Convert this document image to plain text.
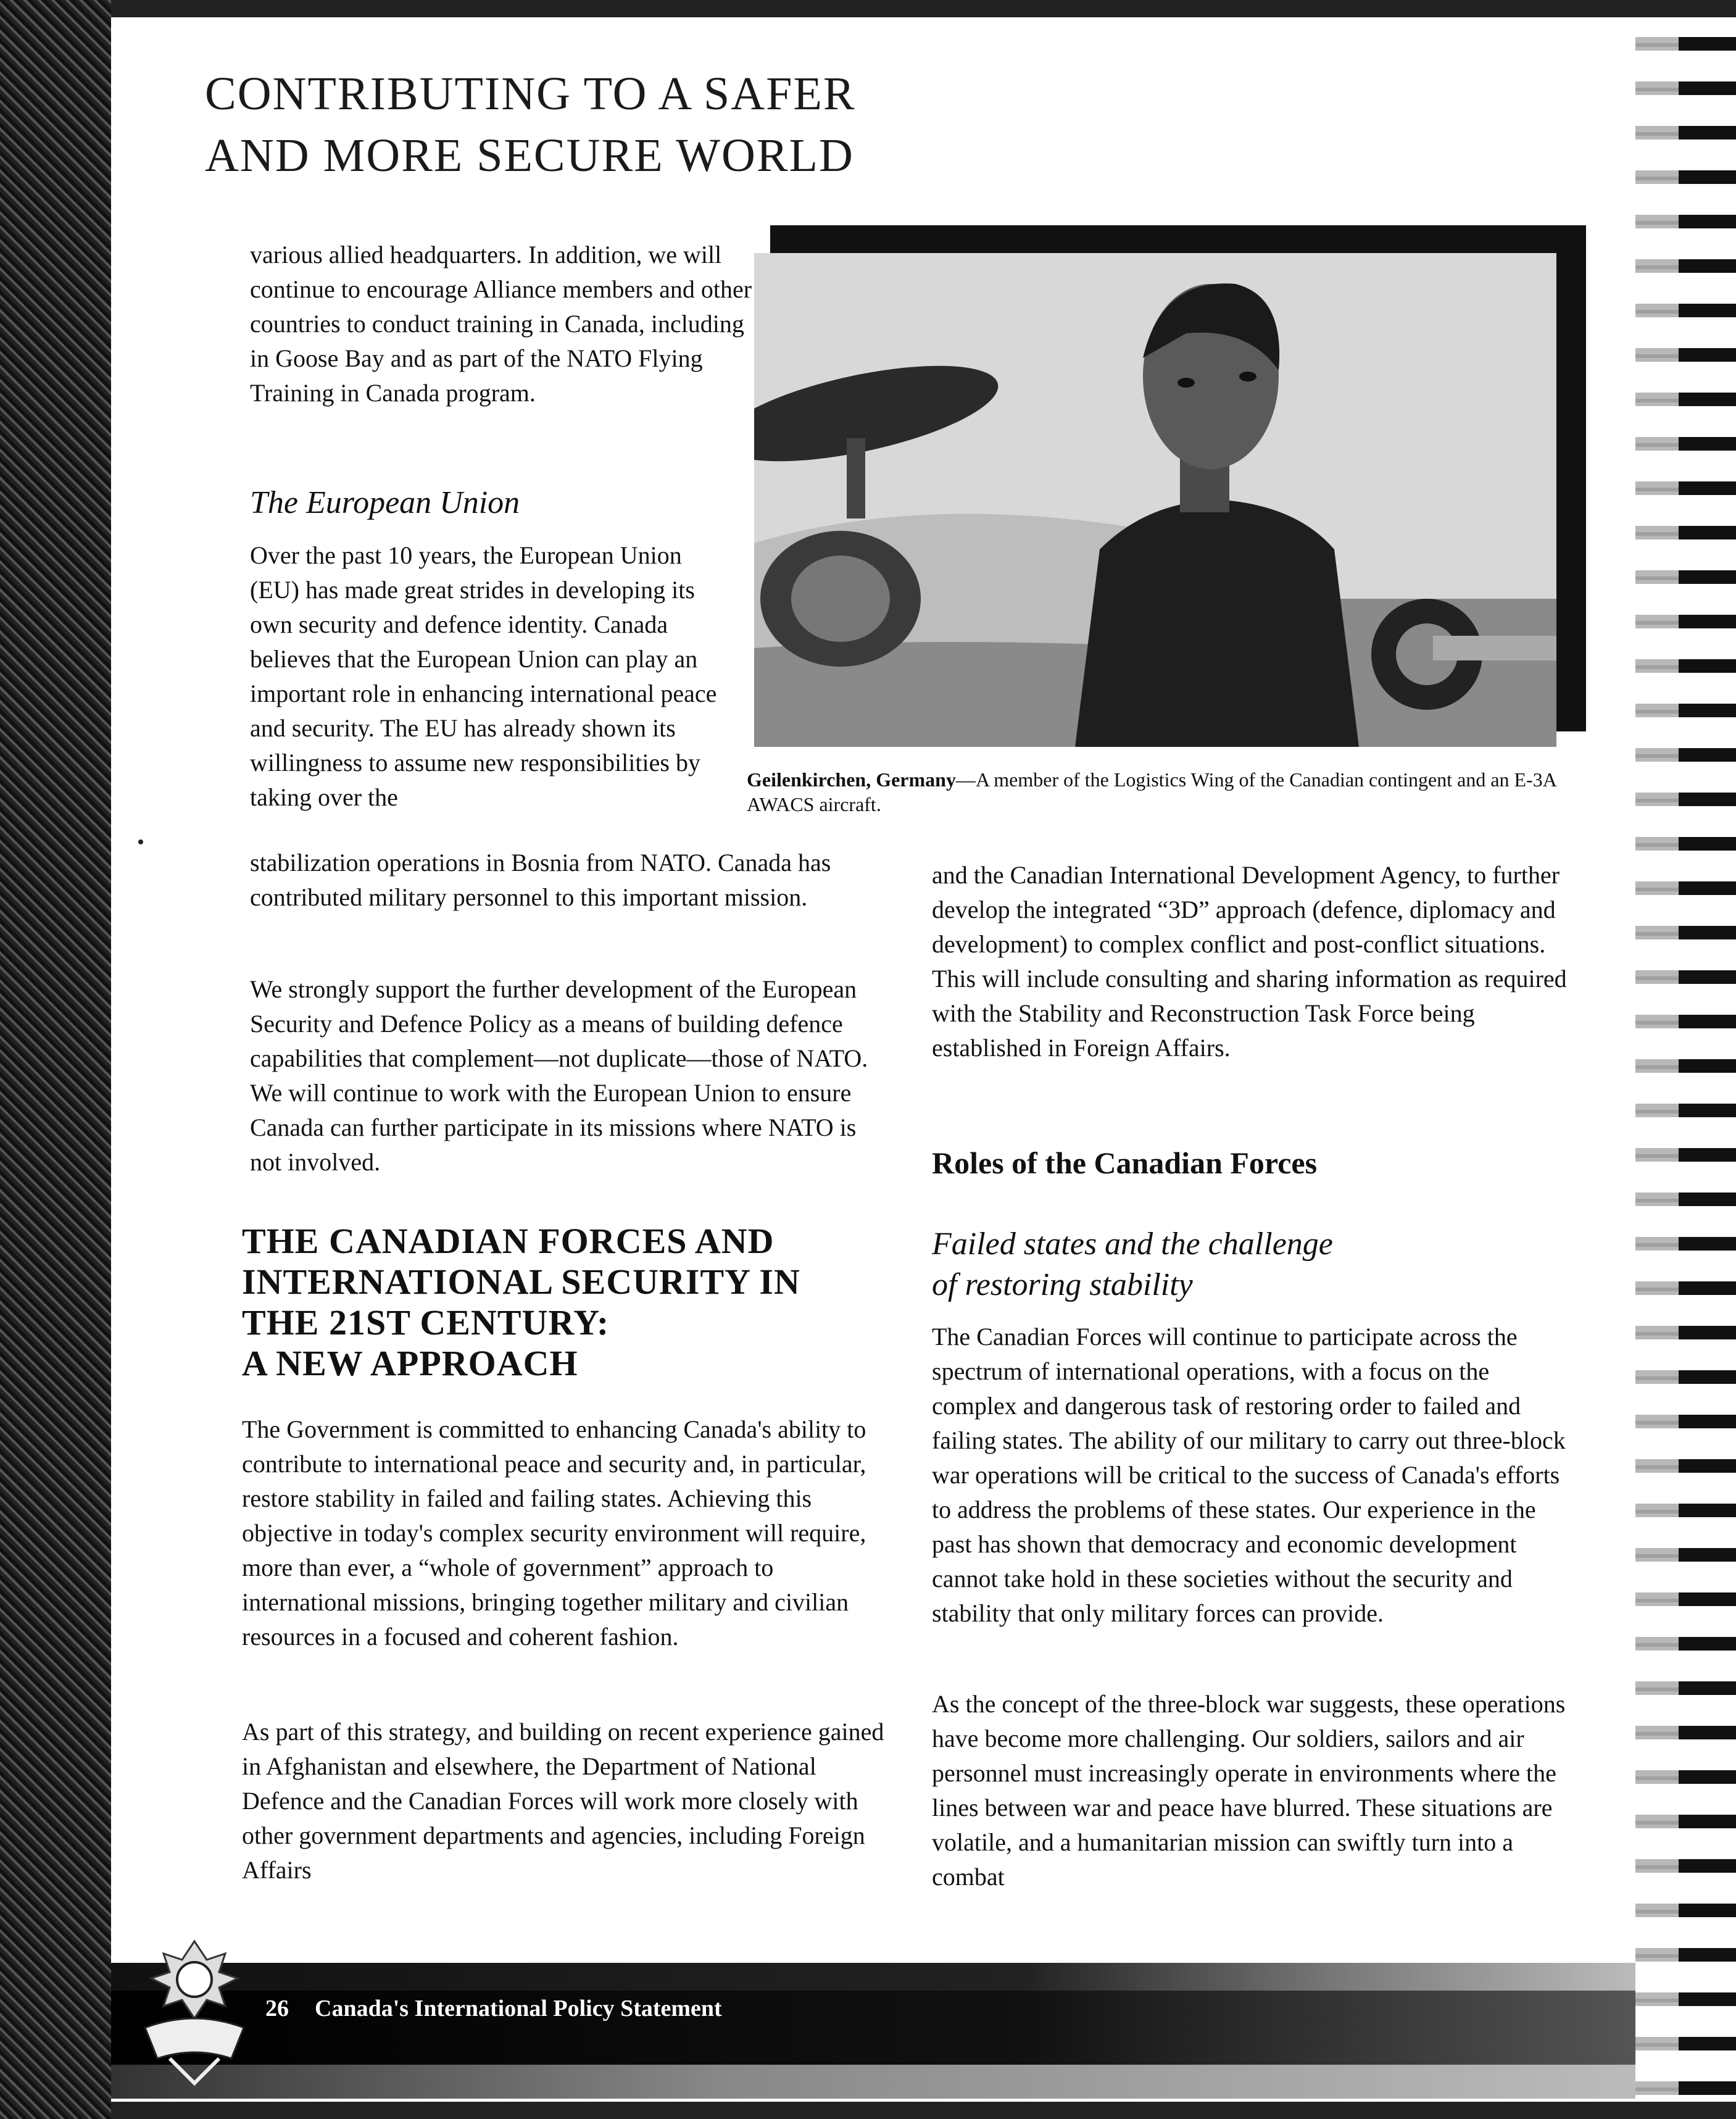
CONTRIBUTING TO A SAFER
AND MORE SECURE WORLD

various allied headquarters. In addition, we will continue to encourage Alliance members and other countries to conduct training in Canada, including in Goose Bay and as part of the NATO Flying Training in Canada program.

The European Union

Over the past 10 years, the European Union (EU) has made great strides in developing its own security and defence identity. Canada believes that the European Union can play an important role in enhancing international peace and security. The EU has already shown its willingness to assume new responsibilities by taking over the

stabilization operations in Bosnia from NATO. Canada has contributed military personnel to this important mission.

We strongly support the further development of the European Security and Defence Policy as a means of building defence capabilities that complement—not duplicate—those of NATO. We will continue to work with the European Union to ensure Canada can further participate in its missions where NATO is not involved.

THE CANADIAN FORCES AND
INTERNATIONAL SECURITY IN
THE 21ST CENTURY:
A NEW APPROACH

The Government is committed to enhancing Canada's ability to contribute to international peace and security and, in particular, restore stability in failed and failing states. Achieving this objective in today's complex security environment will require, more than ever, a “whole of government” approach to international missions, bringing together military and civilian resources in a focused and coherent fashion.

As part of this strategy, and building on recent experience gained in Afghanistan and elsewhere, the Department of National Defence and the Canadian Forces will work more closely with other government departments and agencies, including Foreign Affairs

Geilenkirchen, Germany—A member of the Logistics Wing of the Canadian contingent and an E-3A AWACS aircraft.

and the Canadian International Development Agency, to further develop the integrated “3D” approach (defence, diplomacy and development) to complex conflict and post-conflict situations. This will include consulting and sharing information as required with the Stability and Reconstruction Task Force being established in Foreign Affairs.

Roles of the Canadian Forces
Failed states and the challenge
of restoring stability

The Canadian Forces will continue to participate across the spectrum of international operations, with a focus on the complex and dangerous task of restoring order to failed and failing states. The ability of our military to carry out three-block war operations will be critical to the success of Canada's efforts to address the problems of these states. Our experience in the past has shown that democracy and economic development cannot take hold in these societies without the security and stability that only military forces can provide.

As the concept of the three-block war suggests, these operations have become more challenging. Our soldiers, sailors and air personnel must increasingly operate in environments where the lines between war and peace have blurred. These situations are volatile, and a humanitarian mission can swiftly turn into a combat

26 Canada's International Policy Statement
